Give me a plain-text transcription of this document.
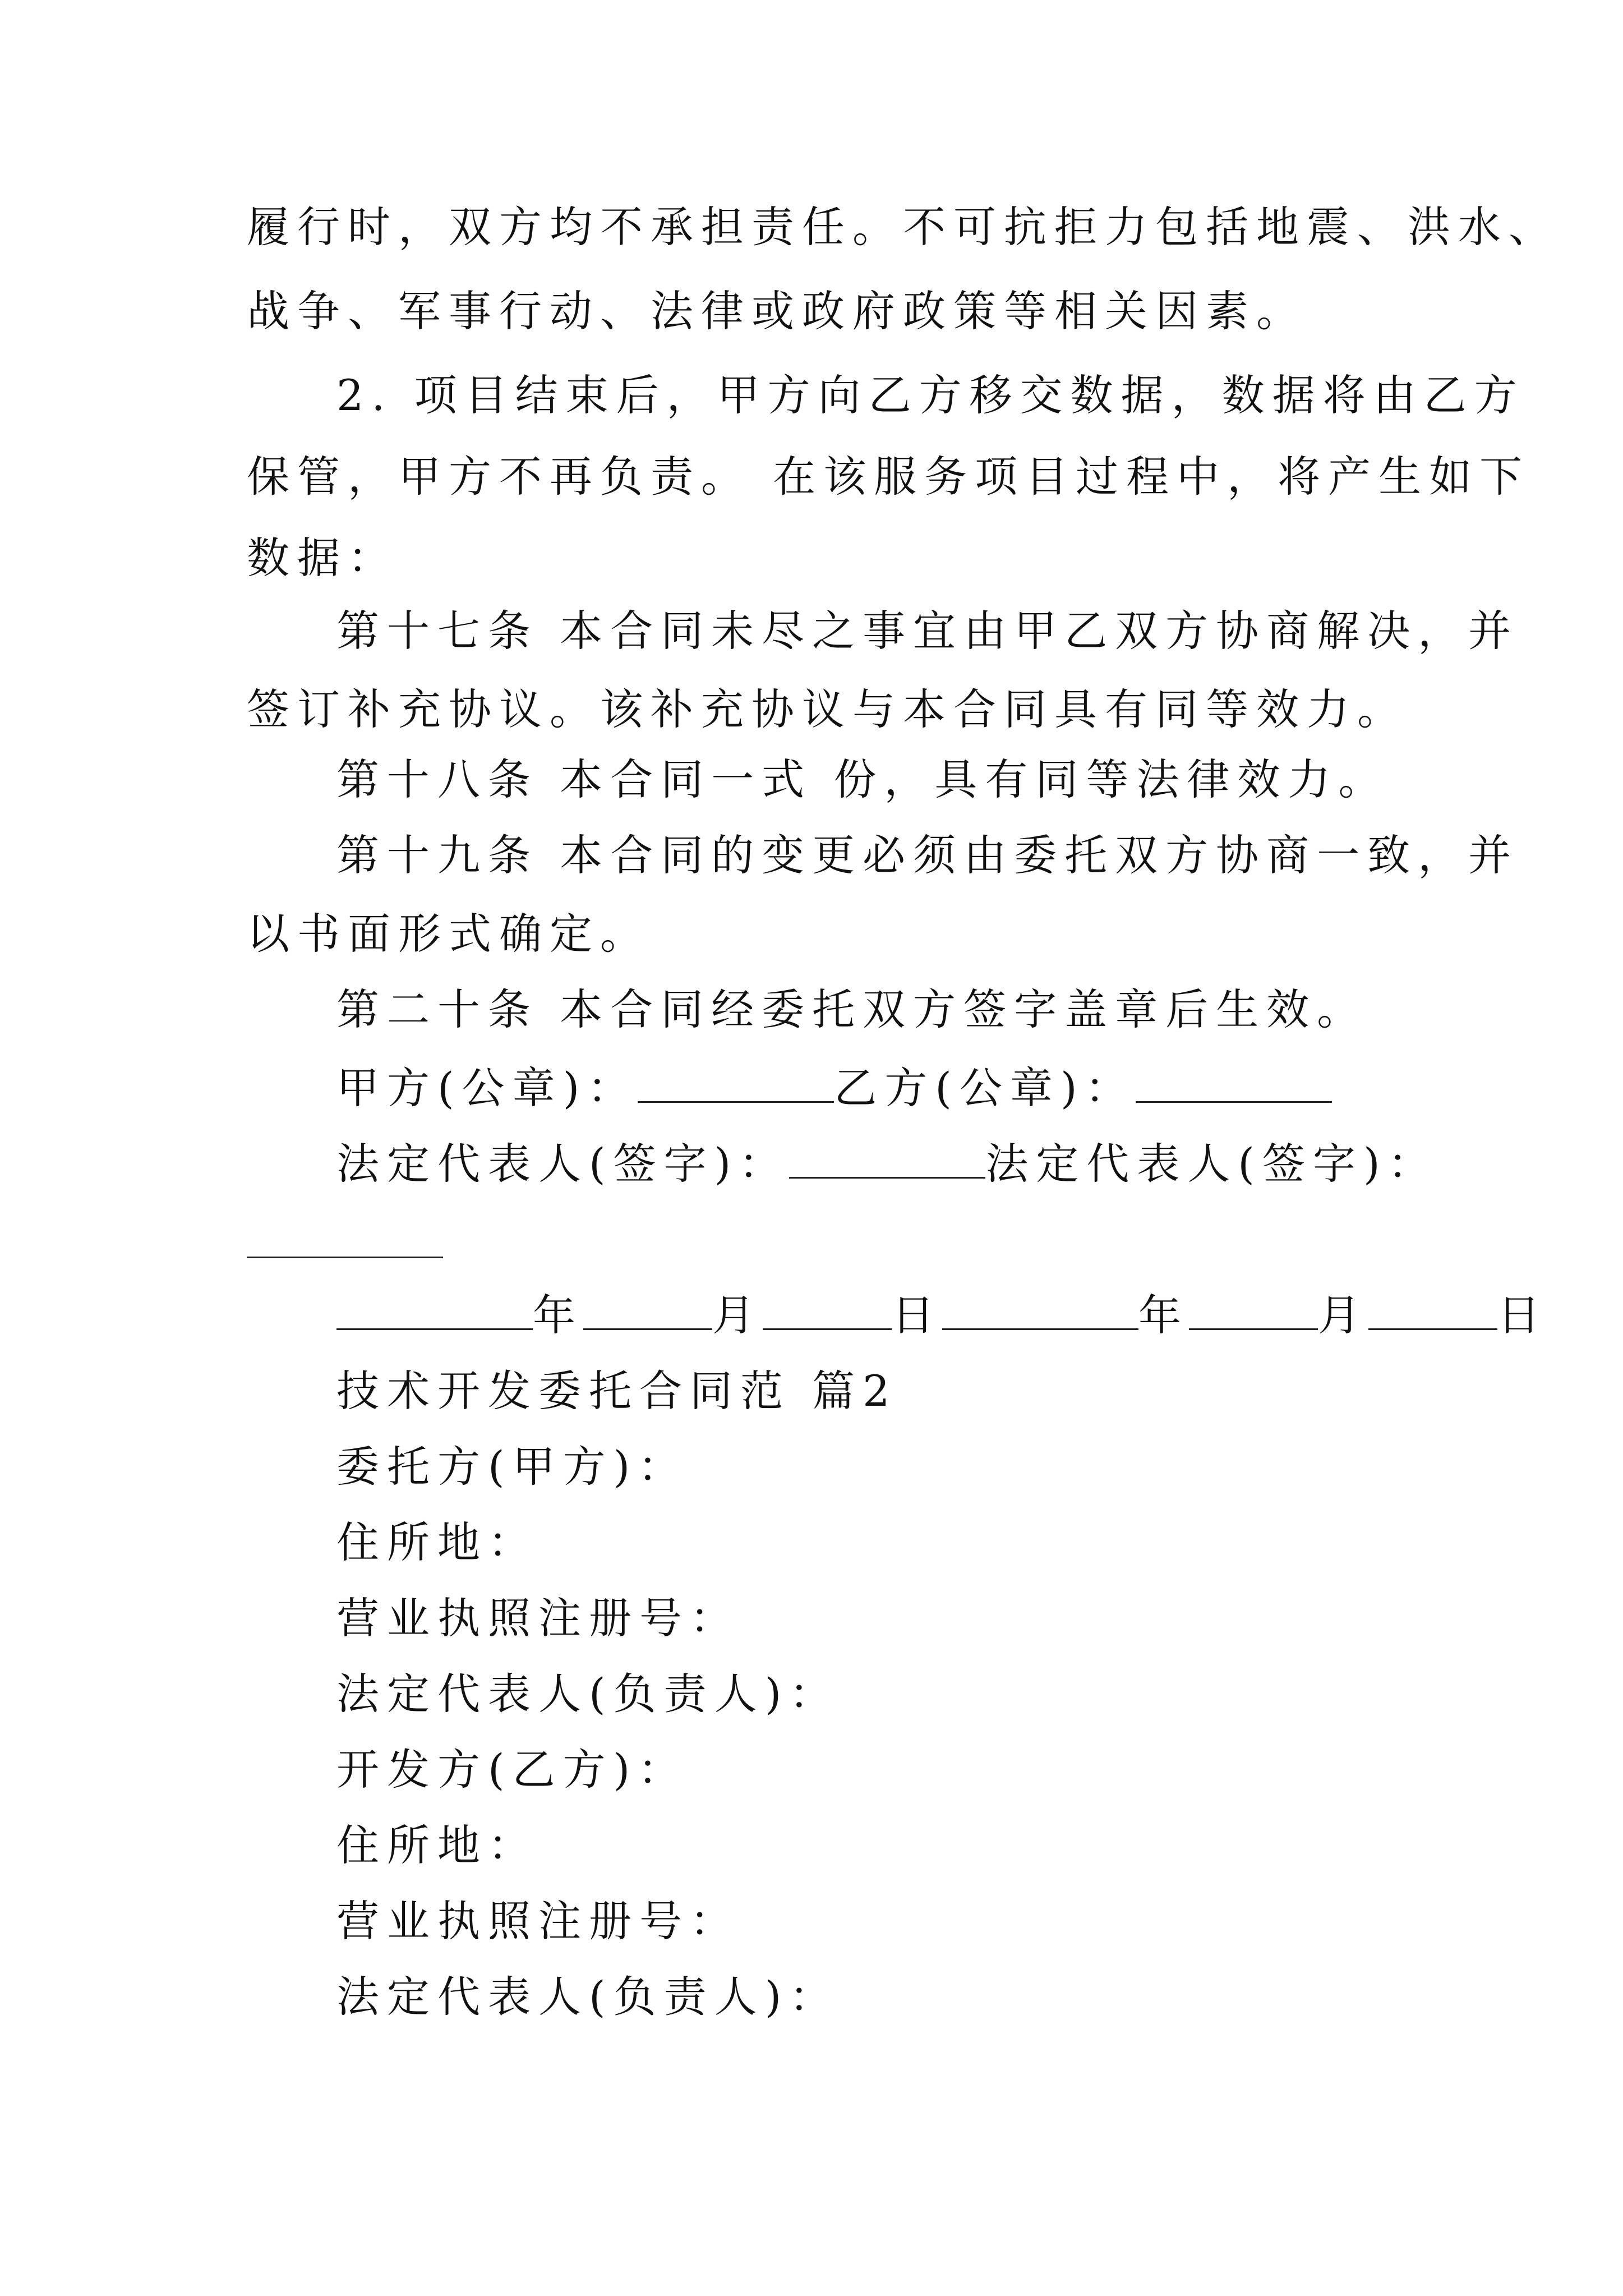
履行时，双方均不承担责任。不可抗拒力包括地震、洪水、
战争、军事行动、法律或政府政策等相关因素。
2. 项目结束后，甲方向乙方移交数据，数据将由乙方
保管，甲方不再负责。 在该服务项目过程中，将产生如下
数据：
第十七条 本合同未尽之事宜由甲乙双方协商解决，并
签订补充协议。该补充协议与本合同具有同等效力。
第十八条 本合同一式 份，具有同等法律效力。
第十九条 本合同的变更必须由委托双方协商一致，并
以书面形式确定。
第二十条 本合同经委托双方签字盖章后生效。
甲方(公章)：	乙方(公章)：
法定代表人(签字)：	法定代表人(签字)：
年	月	日	年	月	日
技术开发委托合同范 篇2
委托方(甲方)：
住所地：
营业执照注册号：
法定代表人(负责人)：
开发方(乙方)：
住所地：
营业执照注册号：
法定代表人(负责人)：
